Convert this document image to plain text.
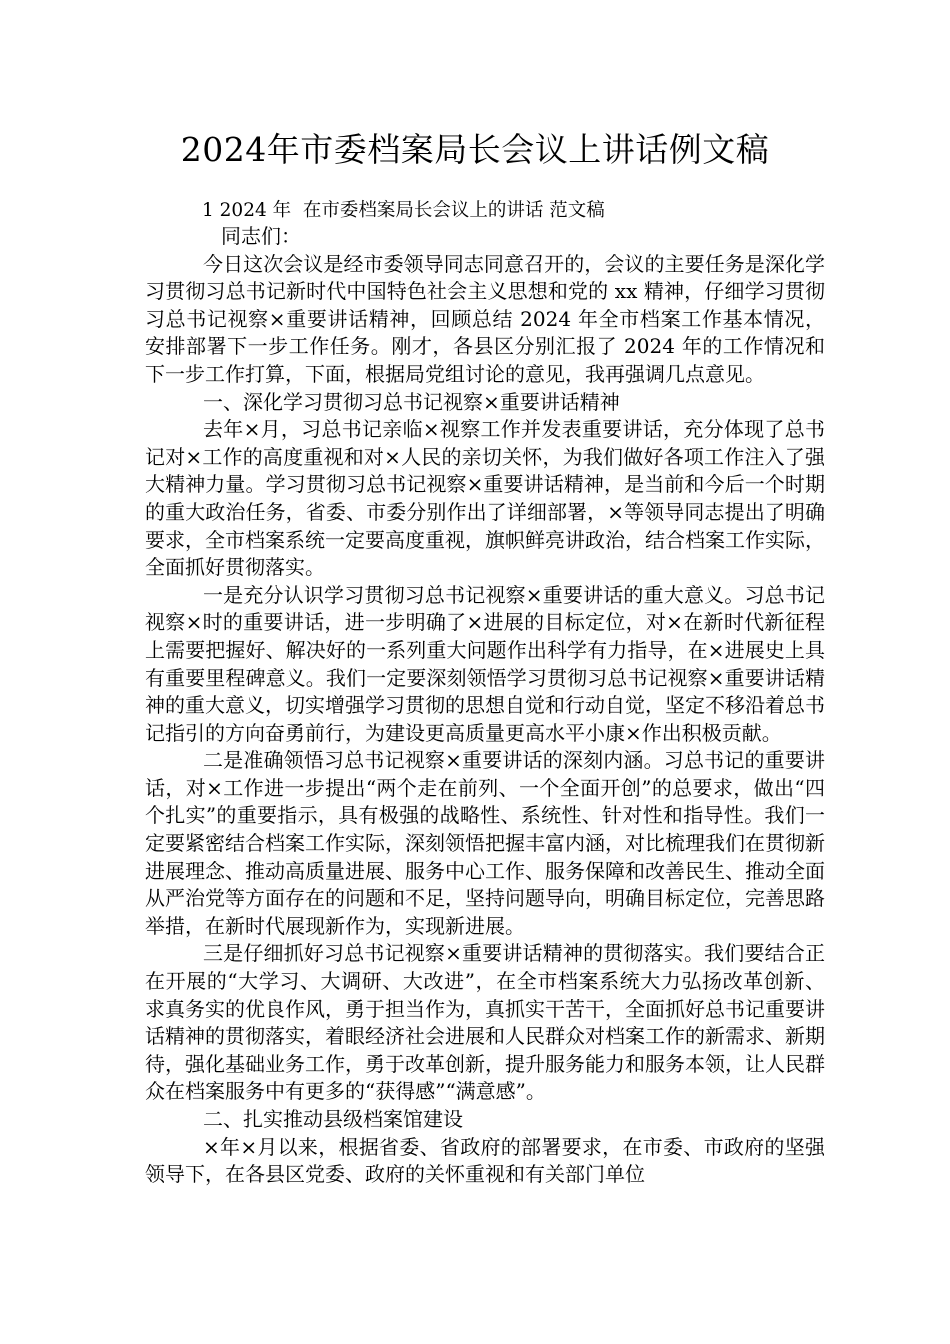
2024年市委档案局长会议上讲话例文稿
1 2024 年  在市委档案局长会议上的讲话 范文稿

同志们：

今日这次会议是经市委领导同志同意召开的，会议的主要任务是深化学习贯彻习总书记新时代中国特色社会主义思想和党的 xx 精神，仔细学习贯彻习总书记视察×重要讲话精神，回顾总结 2024 年全市档案工作基本情况，安排部署下一步工作任务。刚才，各县区分别汇报了 2024 年的工作情况和下一步工作打算，下面，根据局党组讨论的意见，我再强调几点意见。

一、深化学习贯彻习总书记视察×重要讲话精神

去年×月，习总书记亲临×视察工作并发表重要讲话，充分体现了总书记对×工作的高度重视和对×人民的亲切关怀，为我们做好各项工作注入了强大精神力量。学习贯彻习总书记视察×重要讲话精神，是当前和今后一个时期的重大政治任务，省委、市委分别作出了详细部署，×等领导同志提出了明确要求，全市档案系统一定要高度重视，旗帜鲜亮讲政治，结合档案工作实际，全面抓好贯彻落实。

一是充分认识学习贯彻习总书记视察×重要讲话的重大意义。习总书记视察×时的重要讲话，进一步明确了×进展的目标定位，对×在新时代新征程上需要把握好、解决好的一系列重大问题作出科学有力指导，在×进展史上具有重要里程碑意义。我们一定要深刻领悟学习贯彻习总书记视察×重要讲话精神的重大意义，切实增强学习贯彻的思想自觉和行动自觉，坚定不移沿着总书记指引的方向奋勇前行，为建设更高质量更高水平小康×作出积极贡献。

二是准确领悟习总书记视察×重要讲话的深刻内涵。习总书记的重要讲话，对×工作进一步提出“两个走在前列、一个全面开创”的总要求，做出“四个扎实”的重要指示，具有极强的战略性、系统性、针对性和指导性。我们一定要紧密结合档案工作实际，深刻领悟把握丰富内涵，对比梳理我们在贯彻新进展理念、推动高质量进展、服务中心工作、服务保障和改善民生、推动全面从严治党等方面存在的问题和不足，坚持问题导向，明确目标定位，完善思路举措，在新时代展现新作为，实现新进展。

三是仔细抓好习总书记视察×重要讲话精神的贯彻落实。我们要结合正在开展的“大学习、大调研、大改进”，在全市档案系统大力弘扬改革创新、求真务实的优良作风，勇于担当作为，真抓实干苦干，全面抓好总书记重要讲话精神的贯彻落实，着眼经济社会进展和人民群众对档案工作的新需求、新期待，强化基础业务工作，勇于改革创新，提升服务能力和服务本领，让人民群众在档案服务中有更多的“获得感”“满意感”。

二、扎实推动县级档案馆建设

×年×月以来，根据省委、省政府的部署要求，在市委、市政府的坚强领导下，在各县区党委、政府的关怀重视和有关部门单位
